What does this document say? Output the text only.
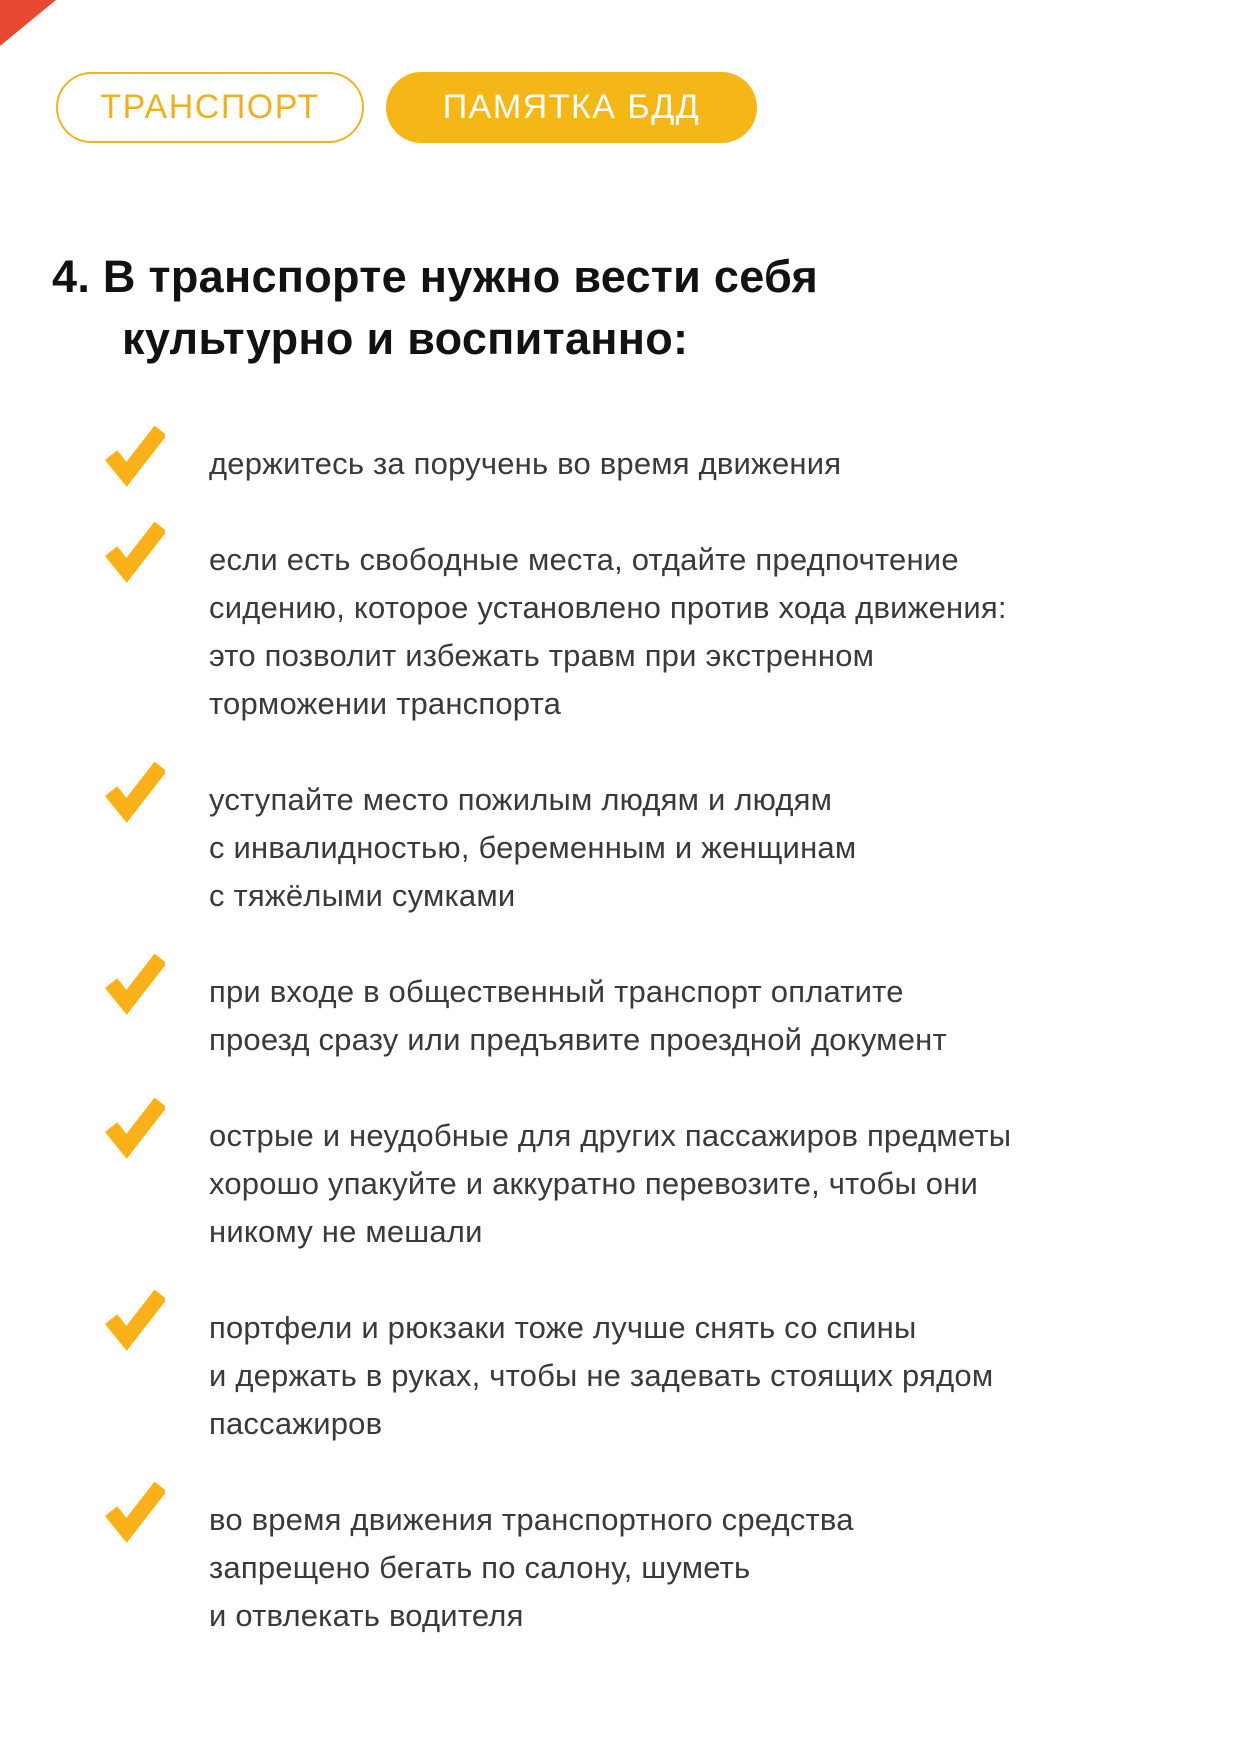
ТРАНСПОРТ	ПАМЯТКА БДД
4. В транспорте нужно вести себя
культурно и воспитанно:
держитесь за поручень во время движения
если есть свободные места, отдайте предпочтение
сидению, которое установлено против хода движения:
это позволит избежать травм при экстренном
торможении транспорта
уступайте место пожилым людям и людям
с инвалидностью, беременным и женщинам
с тяжёлыми сумками
при входе в общественный транспорт оплатите
проезд сразу или предъявите проездной документ
острые и неудобные для других пассажиров предметы
хорошо упакуйте и аккуратно перевозите, чтобы они
никому не мешали
портфели и рюкзаки тоже лучше снять со спины
и держать в руках, чтобы не задевать стоящих рядом
пассажиров
во время движения транспортного средства
запрещено бегать по салону, шуметь
и отвлекать водителя
